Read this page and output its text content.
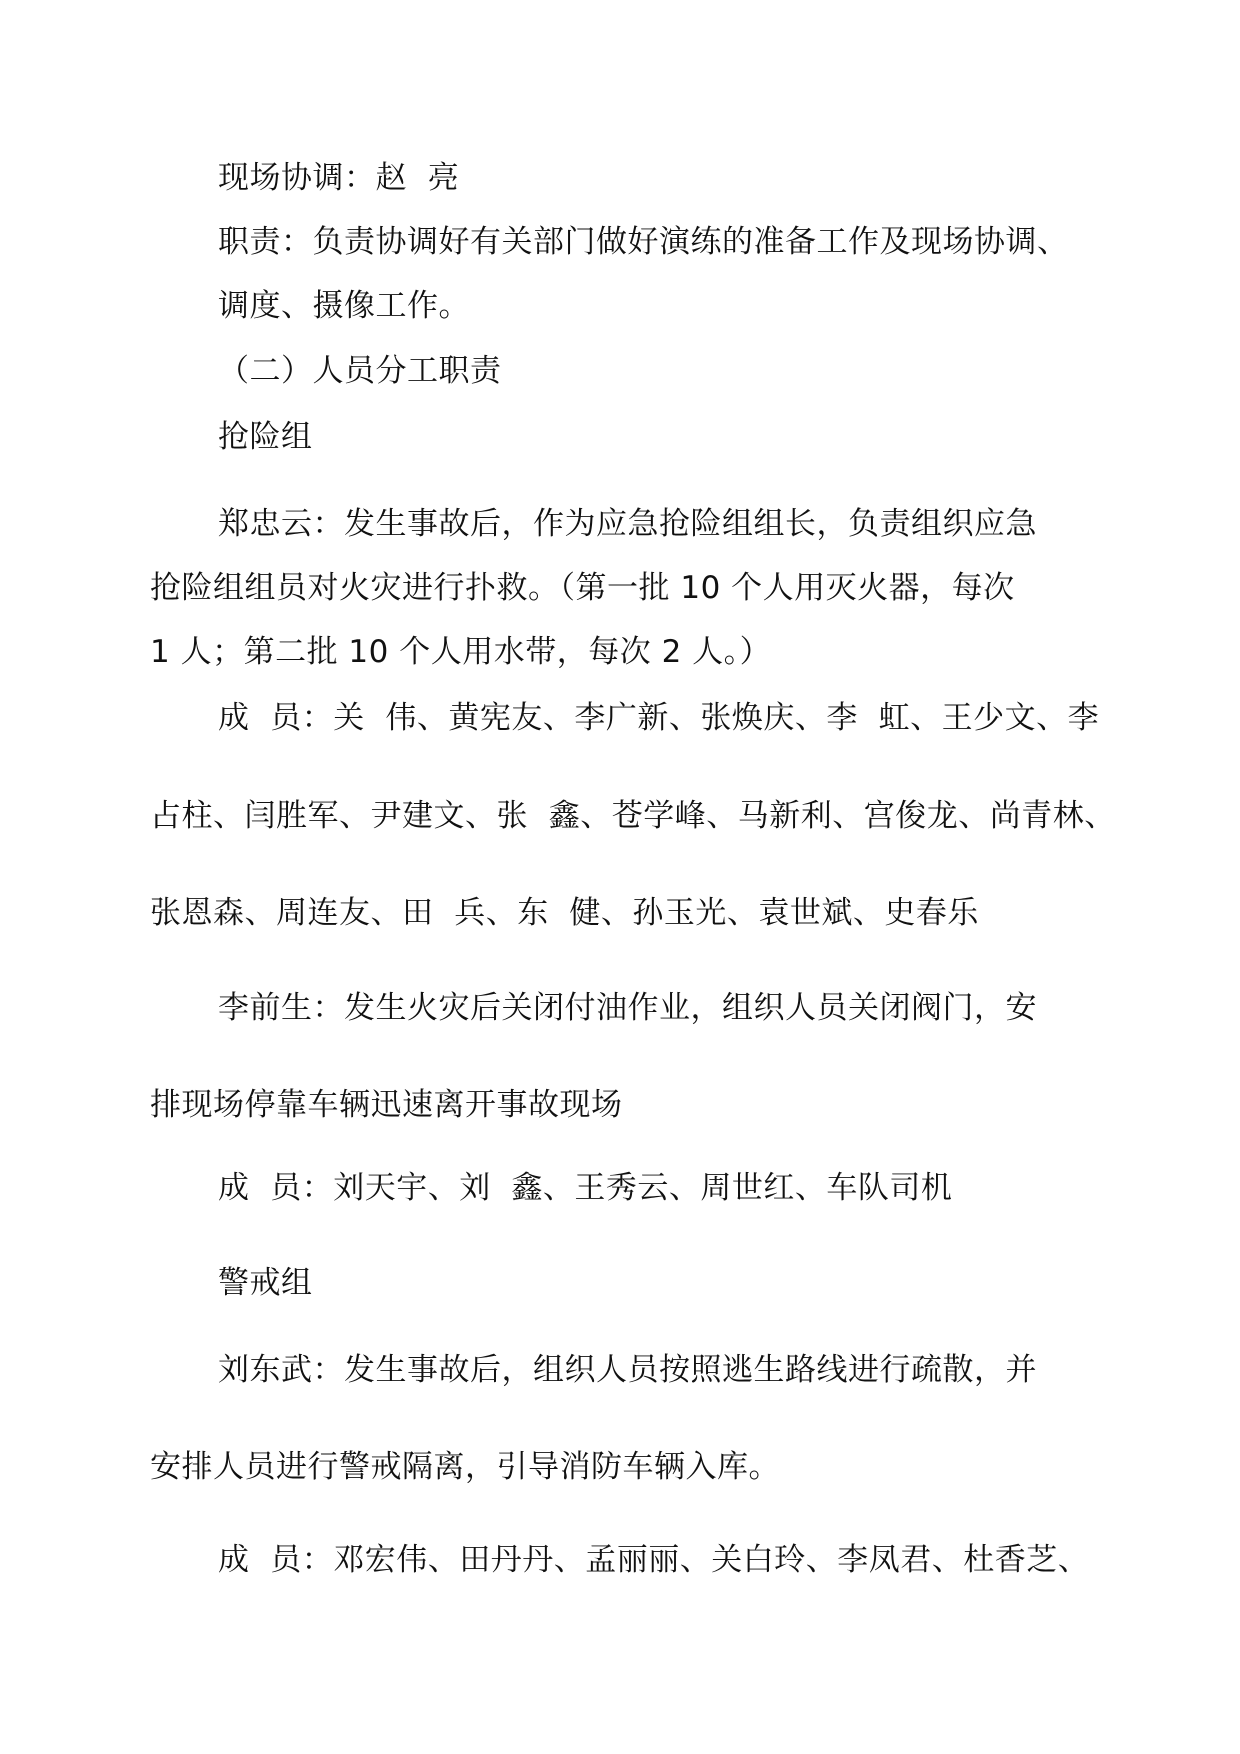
现场协调：赵  亮
职责：负责协调好有关部门做好演练的准备工作及现场协调、
调度、摄像工作。
（二）人员分工职责
抢险组
郑忠云：发生事故后，作为应急抢险组组长，负责组织应急
抢险组组员对火灾进行扑救。（第一批 10 个人用灭火器，每次
1 人；第二批 10 个人用水带，每次 2 人。）
成  员：关  伟、黄宪友、李广新、张焕庆、李  虹、王少文、李
占柱、闫胜军、尹建文、张  鑫、苍学峰、马新利、宫俊龙、尚青林、
张恩森、周连友、田  兵、东  健、孙玉光、袁世斌、史春乐
李前生：发生火灾后关闭付油作业，组织人员关闭阀门，安
排现场停靠车辆迅速离开事故现场
成  员：刘天宇、刘  鑫、王秀云、周世红、车队司机
警戒组
刘东武：发生事故后，组织人员按照逃生路线进行疏散，并
安排人员进行警戒隔离，引导消防车辆入库。
成  员：邓宏伟、田丹丹、孟丽丽、关白玲、李凤君、杜香芝、
